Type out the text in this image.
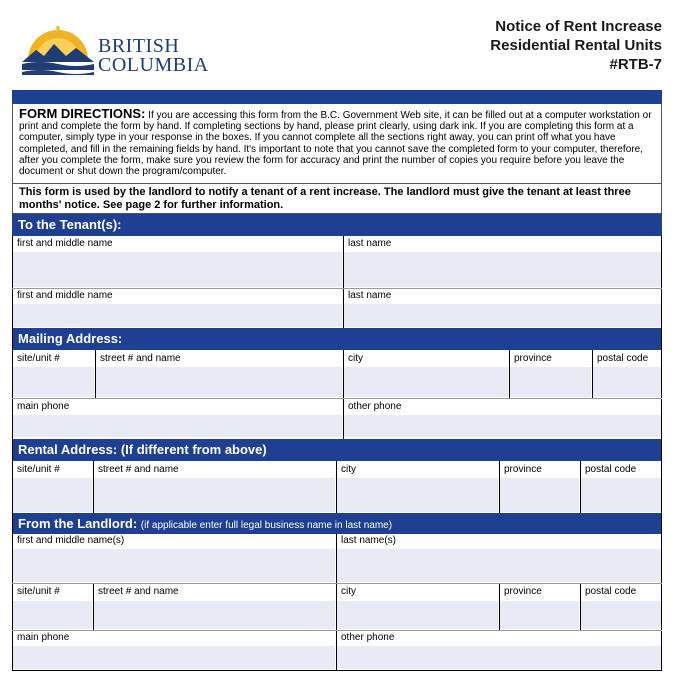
BRITISH
COLUMBIA
Notice of Rent Increase
Residential Rental Units
#RTB-7
FORM DIRECTIONS: If you are accessing this form from the B.C. Government Web site, it can be filled out at a computer workstation or print and complete the form by hand. If completing sections by hand, please print clearly, using dark ink. If you are completing this form at a computer, simply type in your response in the boxes. If you cannot complete all the sections right away, you can print off what you have completed, and fill in the remaining fields by hand. It's important to note that you cannot save the completed form to your computer, therefore, after you complete the form, make sure you review the form for accuracy and print the number of copies you require before you leave the document or shut down the program/computer.
This form is used by the landlord to notify a tenant of a rent increase. The landlord must give the tenant at least three months' notice. See page 2 for further information.
To the Tenant(s):
first and middle name	last name
first and middle name	last name
Mailing Address:
site/unit #	street # and name	city	province	postal code
main phone	other phone
Rental Address: (If different from above)
site/unit #	street # and name	city	province	postal code
From the Landlord: (if applicable enter full legal business name in last name)
first and middle name(s)	last name(s)
site/unit #	street # and name	city	province	postal code
main phone	other phone
